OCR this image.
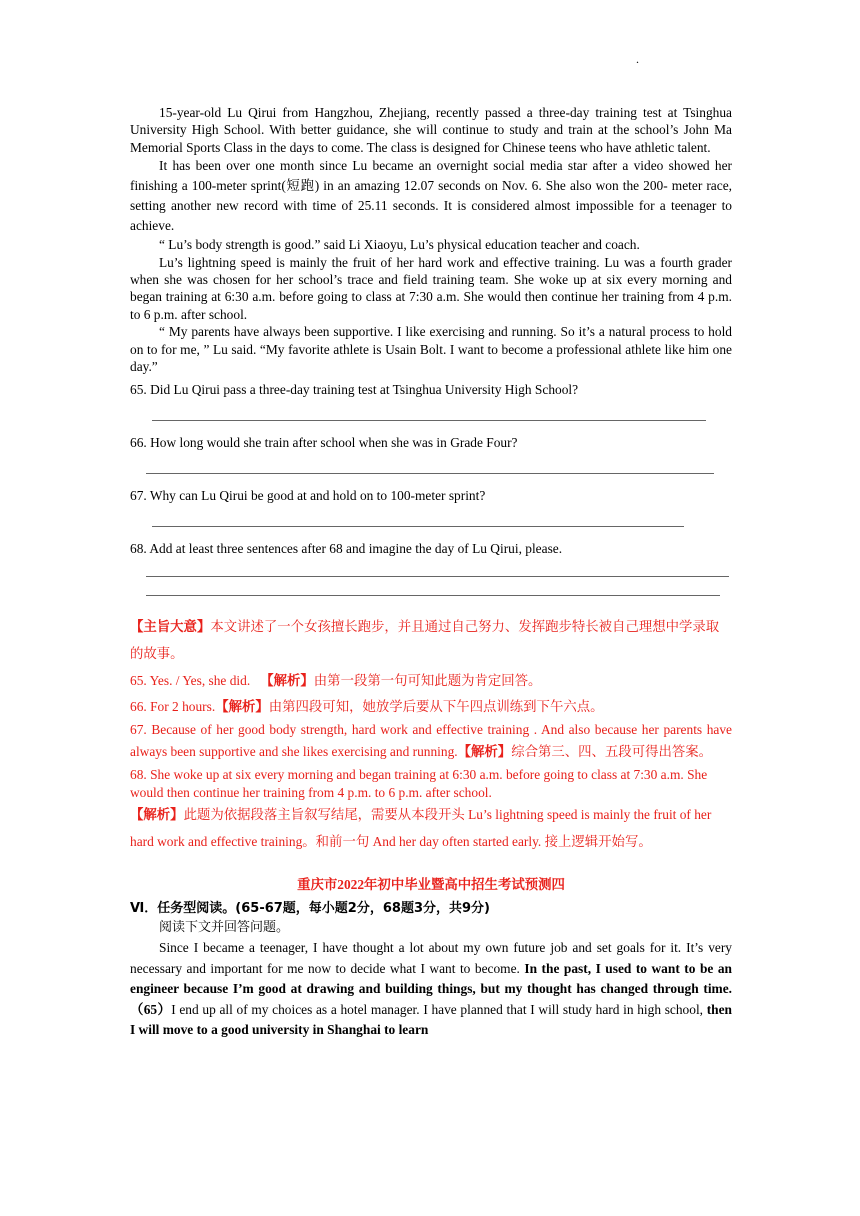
.

15-year-old Lu Qirui from Hangzhou, Zhejiang, recently passed a three-day training test at Tsinghua University High School. With better guidance, she will continue to study and train at the school’s John Ma Memorial Sports Class in the days to come. The class is designed for Chinese teens who have athletic talent.

It has been over one month since Lu became an overnight social media star after a video showed her finishing a 100-meter sprint(短跑) in an amazing 12.07 seconds on Nov. 6. She also won the 200- meter race, setting another new record with time of 25.11 seconds. It is considered almost impossible for a teenager to achieve.

“ Lu’s body strength is good.” said Li Xiaoyu, Lu’s physical education teacher and coach.

Lu’s lightning speed is mainly the fruit of her hard work and effective training. Lu was a fourth grader when she was chosen for her school’s trace and field training team. She woke up at six every morning and began training at 6:30 a.m. before going to class at 7:30 a.m. She would then continue her training from 4 p.m. to 6 p.m. after school.

“ My parents have always been supportive. I like exercising and running. So it’s a natural process to hold on to for me, ” Lu said. “My favorite athlete is Usain Bolt. I want to become a professional athlete like him one day.”

65. Did Lu Qirui pass a three-day training test at Tsinghua University High School?

66. How long would she train after school when she was in Grade Four?

67. Why can Lu Qirui be good at and hold on to 100-meter sprint?

68. Add at least three sentences after 68 and imagine the day of Lu Qirui, please.

【主旨大意】本文讲述了一个女孩擅长跑步，并且通过自己努力、发挥跑步特长被自己理想中学录取的故事。

65. Yes. / Yes, she did. 【解析】由第一段第一句可知此题为肯定回答。

66. For 2 hours.【解析】由第四段可知，她放学后要从下午四点训练到下午六点。

67. Because of her good body strength, hard work and effective training . And also because her parents have always been supportive and she likes exercising and running.【解析】综合第三、四、五段可得出答案。

68. She woke up at six every morning and began training at 6:30 a.m. before going to class at 7:30 a.m. She would then continue her training from 4 p.m. to 6 p.m. after school.

【解析】此题为依据段落主旨叙写结尾，需要从本段开头 Lu’s lightning speed is mainly the fruit of her hard work and effective training。和前一句 And her day often started early. 接上逻辑开始写。

重庆市2022年初中毕业暨高中招生考试预测四

Ⅵ．任务型阅读。(65-67题，每小题2分，68题3分，共9分)

阅读下文并回答问题。

Since I became a teenager, I have thought a lot about my own future job and set goals for it. It’s very necessary and important for me now to decide what I want to become. In the past, I used to want to be an engineer because I’m good at drawing and building things, but my thought has changed through time. （65）I end up all of my choices as a hotel manager. I have planned that I will study hard in high school, then I will move to a good university in Shanghai to learn
